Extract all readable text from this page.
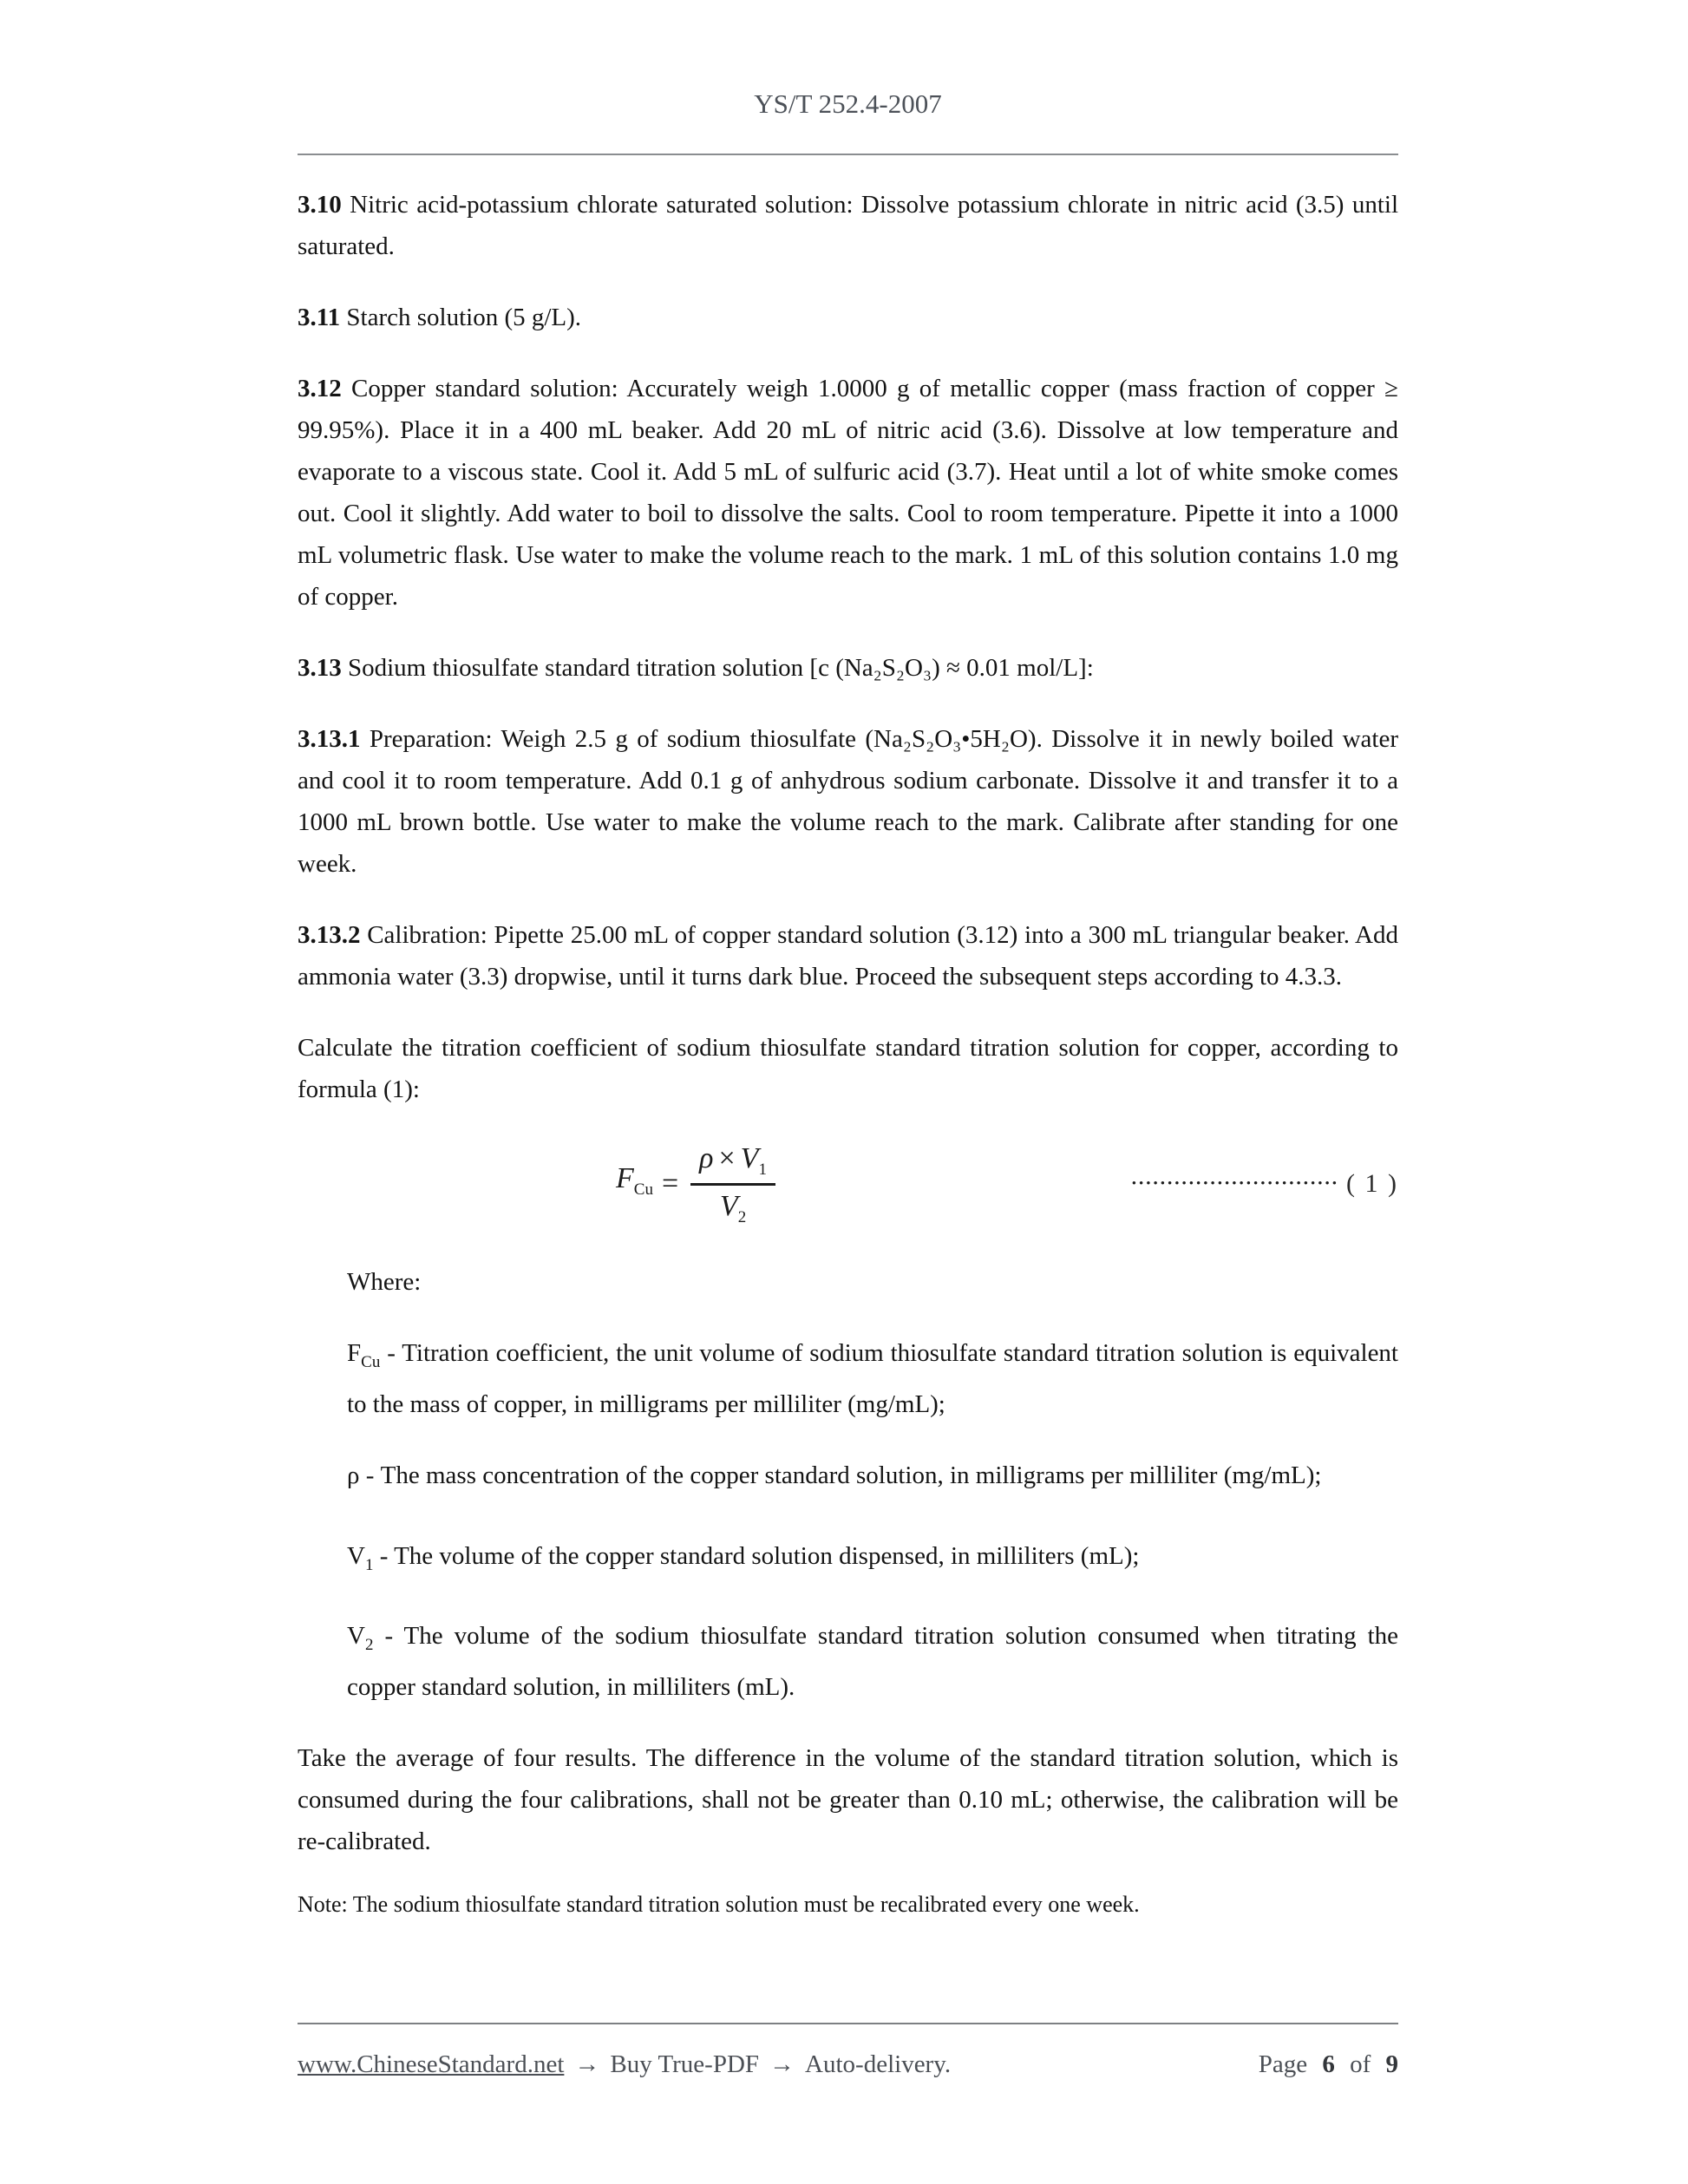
YS/T 252.4-2007

3.10 Nitric acid-potassium chlorate saturated solution: Dissolve potassium chlorate in nitric acid (3.5) until saturated.

3.11 Starch solution (5 g/L).

3.12 Copper standard solution: Accurately weigh 1.0000 g of metallic copper (mass fraction of copper ≥ 99.95%). Place it in a 400 mL beaker. Add 20 mL of nitric acid (3.6). Dissolve at low temperature and evaporate to a viscous state. Cool it. Add 5 mL of sulfuric acid (3.7). Heat until a lot of white smoke comes out. Cool it slightly. Add water to boil to dissolve the salts. Cool to room temperature. Pipette it into a 1000 mL volumetric flask. Use water to make the volume reach to the mark. 1 mL of this solution contains 1.0 mg of copper.

3.13 Sodium thiosulfate standard titration solution [c (Na₂S₂O₃) ≈ 0.01 mol/L]:

3.13.1 Preparation: Weigh 2.5 g of sodium thiosulfate (Na₂S₂O₃•5H₂O). Dissolve it in newly boiled water and cool it to room temperature. Add 0.1 g of anhydrous sodium carbonate. Dissolve it and transfer it to a 1000 mL brown bottle. Use water to make the volume reach to the mark. Calibrate after standing for one week.

3.13.2 Calibration: Pipette 25.00 mL of copper standard solution (3.12) into a 300 mL triangular beaker. Add ammonia water (3.3) dropwise, until it turns dark blue. Proceed the subsequent steps according to 4.3.3.

Calculate the titration coefficient of sodium thiosulfate standard titration solution for copper, according to formula (1):

$F_{Cu} = \frac{\rho \times V_1}{V_2}$	••••••••••••••••••••••••••••• ( 1 )

Where:

$F_{Cu}$ - Titration coefficient, the unit volume of sodium thiosulfate standard titration solution is equivalent to the mass of copper, in milligrams per milliliter (mg/mL);

ρ - The mass concentration of the copper standard solution, in milligrams per milliliter (mg/mL);

$V_1$ - The volume of the copper standard solution dispensed, in milliliters (mL);

$V_2$ - The volume of the sodium thiosulfate standard titration solution consumed when titrating the copper standard solution, in milliliters (mL).

Take the average of four results. The difference in the volume of the standard titration solution, which is consumed during the four calibrations, shall not be greater than 0.10 mL; otherwise, the calibration will be re-calibrated.

Note: The sodium thiosulfate standard titration solution must be recalibrated every one week.

www.ChineseStandard.net → Buy True-PDF → Auto-delivery.	Page 6 of 9
